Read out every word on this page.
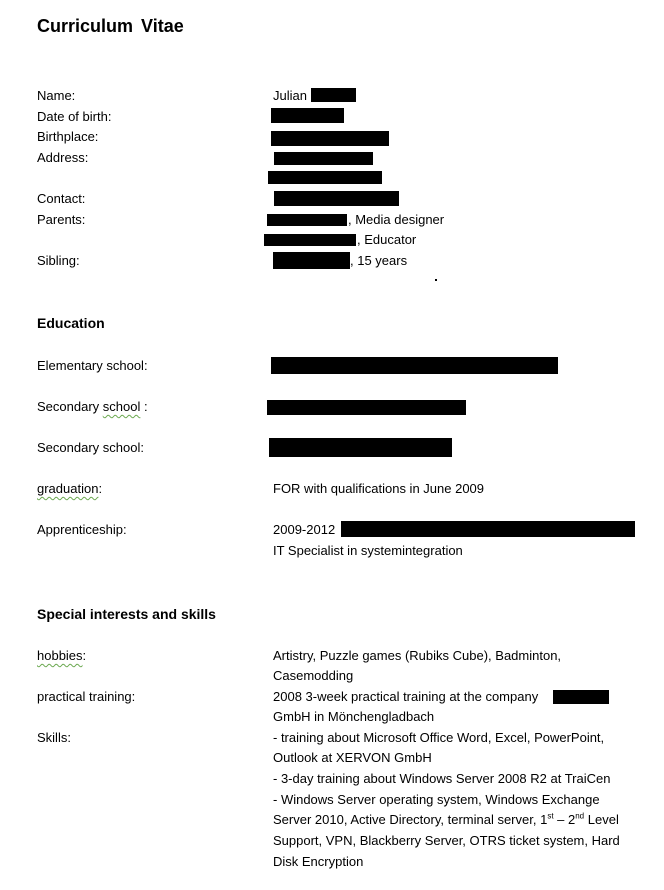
Curriculum Vitae
Name:	Julian
Date of birth:
Birthplace:
Address:
Contact:
Parents:	, Media designer
, Educator
Sibling:	, 15 years
Education
Elementary school:
Secondary school :
Secondary school:
graduation:	FOR with qualifications in June 2009
Apprenticeship:	2009-2012
IT Specialist in systemintegration
Special interests and skills
hobbies:	Artistry, Puzzle games (Rubiks Cube), Badminton,
Casemodding
practical training:	2008 3-week practical training at the company
GmbH in Mönchengladbach
Skills:	- training about Microsoft Office Word, Excel, PowerPoint,
Outlook at XERVON GmbH
- 3-day training about Windows Server 2008 R2 at TraiCen
- Windows Server operating system, Windows Exchange
Server 2010, Active Directory, terminal server, 1st – 2nd Level
Support, VPN, Blackberry Server, OTRS ticket system, Hard
Disk Encryption
